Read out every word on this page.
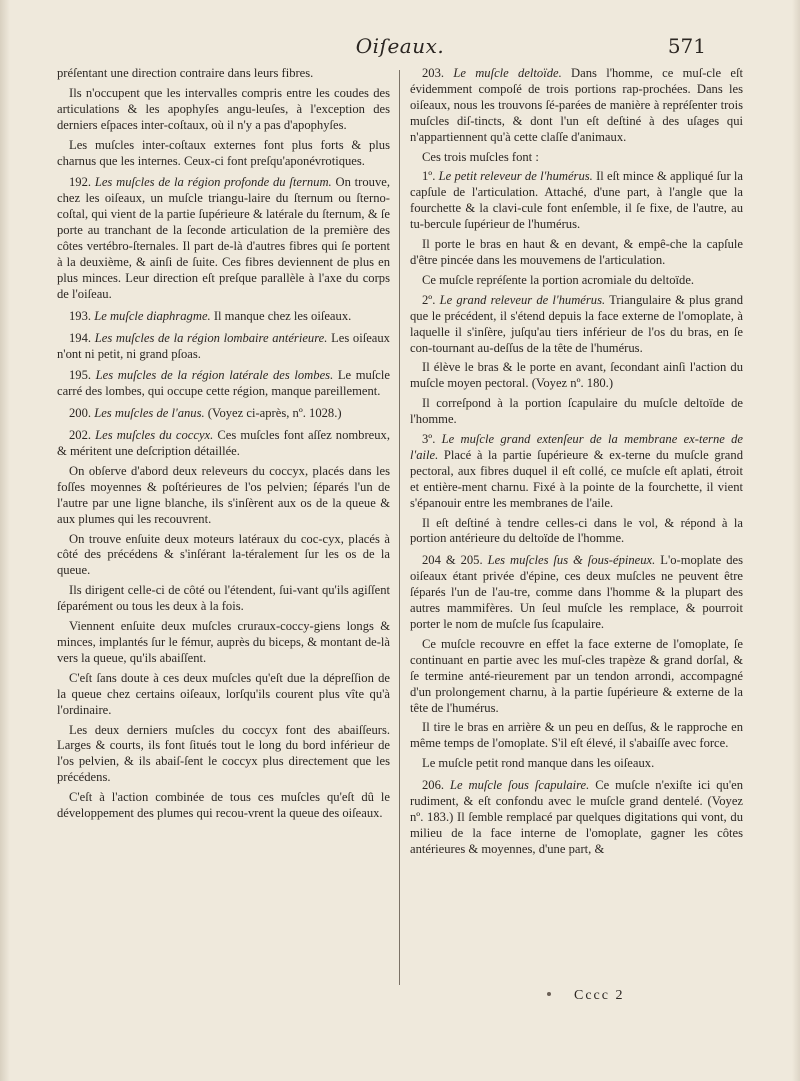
Oiſeaux.	571

préſentant une direction contraire dans leurs fibres.

Ils n'occupent que les intervalles compris entre les coudes des articulations & les apophyſes angu-leuſes, à l'exception des derniers eſpaces inter-coſtaux, où il n'y a pas d'apophyſes.

Les muſcles inter-coſtaux externes font plus forts & plus charnus que les internes. Ceux-ci font preſqu'aponévrotiques.

192. Les muſcles de la région profonde du ſternum. On trouve, chez les oiſeaux, un muſcle triangu-laire du ſternum ou ſterno-coſtal, qui vient de la partie ſupérieure & latérale du ſternum, & ſe porte au tranchant de la ſeconde articulation de la première des côtes vertébro-ſternales. Il part de-là d'autres fibres qui ſe portent à la deuxième, & ainſi de ſuite. Ces fibres deviennent de plus en plus minces. Leur direction eſt preſque parallèle à l'axe du corps de l'oiſeau.

193. Le muſcle diaphragme. Il manque chez les oiſeaux.

194. Les muſcles de la région lombaire antérieure. Les oiſeaux n'ont ni petit, ni grand pſoas.

195. Les muſcles de la région latérale des lombes. Le muſcle carré des lombes, qui occupe cette région, manque pareillement.

200. Les muſcles de l'anus. (Voyez ci-après, nº. 1028.)

202. Les muſcles du coccyx. Ces muſcles font aſſez nombreux, & méritent une deſcription détaillée.

On obſerve d'abord deux releveurs du coccyx, placés dans les foſſes moyennes & poſtérieures de l'os pelvien; ſéparés l'un de l'autre par une ligne blanche, ils s'inſèrent aux os de la queue & aux plumes qui les recouvrent.

On trouve enſuite deux moteurs latéraux du coc-cyx, placés à côté des précédens & s'inſérant la-téralement ſur les os de la queue.

Ils dirigent celle-ci de côté ou l'étendent, ſui-vant qu'ils agiſſent ſéparément ou tous les deux à la fois.

Viennent enſuite deux muſcles cruraux-coccy-giens longs & minces, implantés ſur le fémur, auprès du biceps, & montant de-là vers la queue, qu'ils abaiſſent.

C'eſt ſans doute à ces deux muſcles qu'eſt due la dépreſſion de la queue chez certains oiſeaux, lorſqu'ils courent plus vîte qu'à l'ordinaire.

Les deux derniers muſcles du coccyx font des abaiſſeurs. Larges & courts, ils font ſitués tout le long du bord inférieur de l'os pelvien, & ils abaiſ-ſent le coccyx plus directement que les précédens.

C'eſt à l'action combinée de tous ces muſcles qu'eſt dû le développement des plumes qui recou-vrent la queue des oiſeaux.

203. Le muſcle deltoïde. Dans l'homme, ce muſ-cle eſt évidemment compoſé de trois portions rap-prochées. Dans les oiſeaux, nous les trouvons ſé-parées de manière à repréſenter trois muſcles diſ-tincts, & dont l'un eſt deſtiné à des uſages qui n'appartiennent qu'à cette claſſe d'animaux.

Ces trois muſcles font :

1º. Le petit releveur de l'humérus. Il eſt mince & appliqué ſur la capſule de l'articulation. Attaché, d'une part, à l'angle que la fourchette & la clavi-cule font enſemble, il ſe fixe, de l'autre, au tu-bercule ſupérieur de l'humérus.

Il porte le bras en haut & en devant, & empê-che la capſule d'être pincée dans les mouvemens de l'articulation.

Ce muſcle repréſente la portion acromiale du deltoïde.

2º. Le grand releveur de l'humérus. Triangulaire & plus grand que le précédent, il s'étend depuis la face externe de l'omoplate, à laquelle il s'inſère, juſqu'au tiers inférieur de l'os du bras, en ſe con-tournant au-deſſus de la tête de l'humérus.

Il élève le bras & le porte en avant, ſecondant ainſi l'action du muſcle moyen pectoral. (Voyez nº. 180.)

Il correſpond à la portion ſcapulaire du muſcle deltoïde de l'homme.

3º. Le muſcle grand extenſeur de la membrane ex-terne de l'aile. Placé à la partie ſupérieure & ex-terne du muſcle grand pectoral, aux fibres duquel il eſt collé, ce muſcle eſt aplati, étroit et entière-ment charnu. Fixé à la pointe de la fourchette, il vient s'épanouir entre les membranes de l'aile.

Il eſt deſtiné à tendre celles-ci dans le vol, & répond à la portion antérieure du deltoïde de l'homme.

204 & 205. Les muſcles ſus & ſous-épineux. L'o-moplate des oiſeaux étant privée d'épine, ces deux muſcles ne peuvent être ſéparés l'un de l'au-tre, comme dans l'homme & la plupart des autres mammifères. Un ſeul muſcle les remplace, & pourroit porter le nom de muſcle ſus ſcapulaire.

Ce muſcle recouvre en effet la face externe de l'omoplate, ſe continuant en partie avec les muſ-cles trapèze & grand dorſal, & ſe termine anté-rieurement par un tendon arrondi, accompagné d'un prolongement charnu, à la partie ſupérieure & externe de la tête de l'humérus.

Il tire le bras en arrière & un peu en deſſus, & le rapproche en même temps de l'omoplate. S'il eſt élevé, il s'abaiſſe avec force.

Le muſcle petit rond manque dans les oiſeaux.

206. Le muſcle ſous ſcapulaire. Ce muſcle n'exiſte ici qu'en rudiment, & eſt confondu avec le muſcle grand dentelé. (Voyez nº. 183.) Il ſemble remplacé par quelques digitations qui vont, du milieu de la face interne de l'omoplate, gagner les côtes antérieures & moyennes, d'une part, &

Cccc 2
